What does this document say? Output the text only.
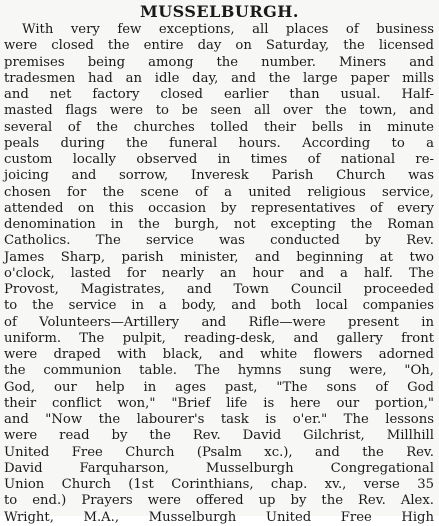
MUSSELBURGH.
With very few exceptions, all places of business
were closed the entire day on Saturday, the licensed
premises being among the number. Miners and
tradesmen had an idle day, and the large paper mills
and net factory closed earlier than usual. Half-
masted flags were to be seen all over the town, and
several of the churches tolled their bells in minute
peals during the funeral hours. According to a
custom locally observed in times of national re-
joicing and sorrow, Inveresk Parish Church was
chosen for the scene of a united religious service,
attended on this occasion by representatives of every
denomination in the burgh, not excepting the Roman
Catholics. The service was conducted by Rev.
James Sharp, parish minister, and beginning at two
o'clock, lasted for nearly an hour and a half. The
Provost, Magistrates, and Town Council proceeded
to the service in a body, and both local companies
of Volunteers—Artillery and Rifle—were present in
uniform. The pulpit, reading-desk, and gallery front
were draped with black, and white flowers adorned
the communion table. The hymns sung were, "Oh,
God, our help in ages past, "The sons of God
their conflict won," "Brief life is here our portion,"
and "Now the labourer's task is o'er." The lessons
were read by the Rev. David Gilchrist, Millhill
United Free Church (Psalm xc.), and the Rev.
David Farquharson, Musselburgh Congregational
Union Church (1st Corinthians, chap. xv., verse 35
to end.) Prayers were offered up by the Rev. Alex.
Wright, M.A., Musselburgh United Free High
